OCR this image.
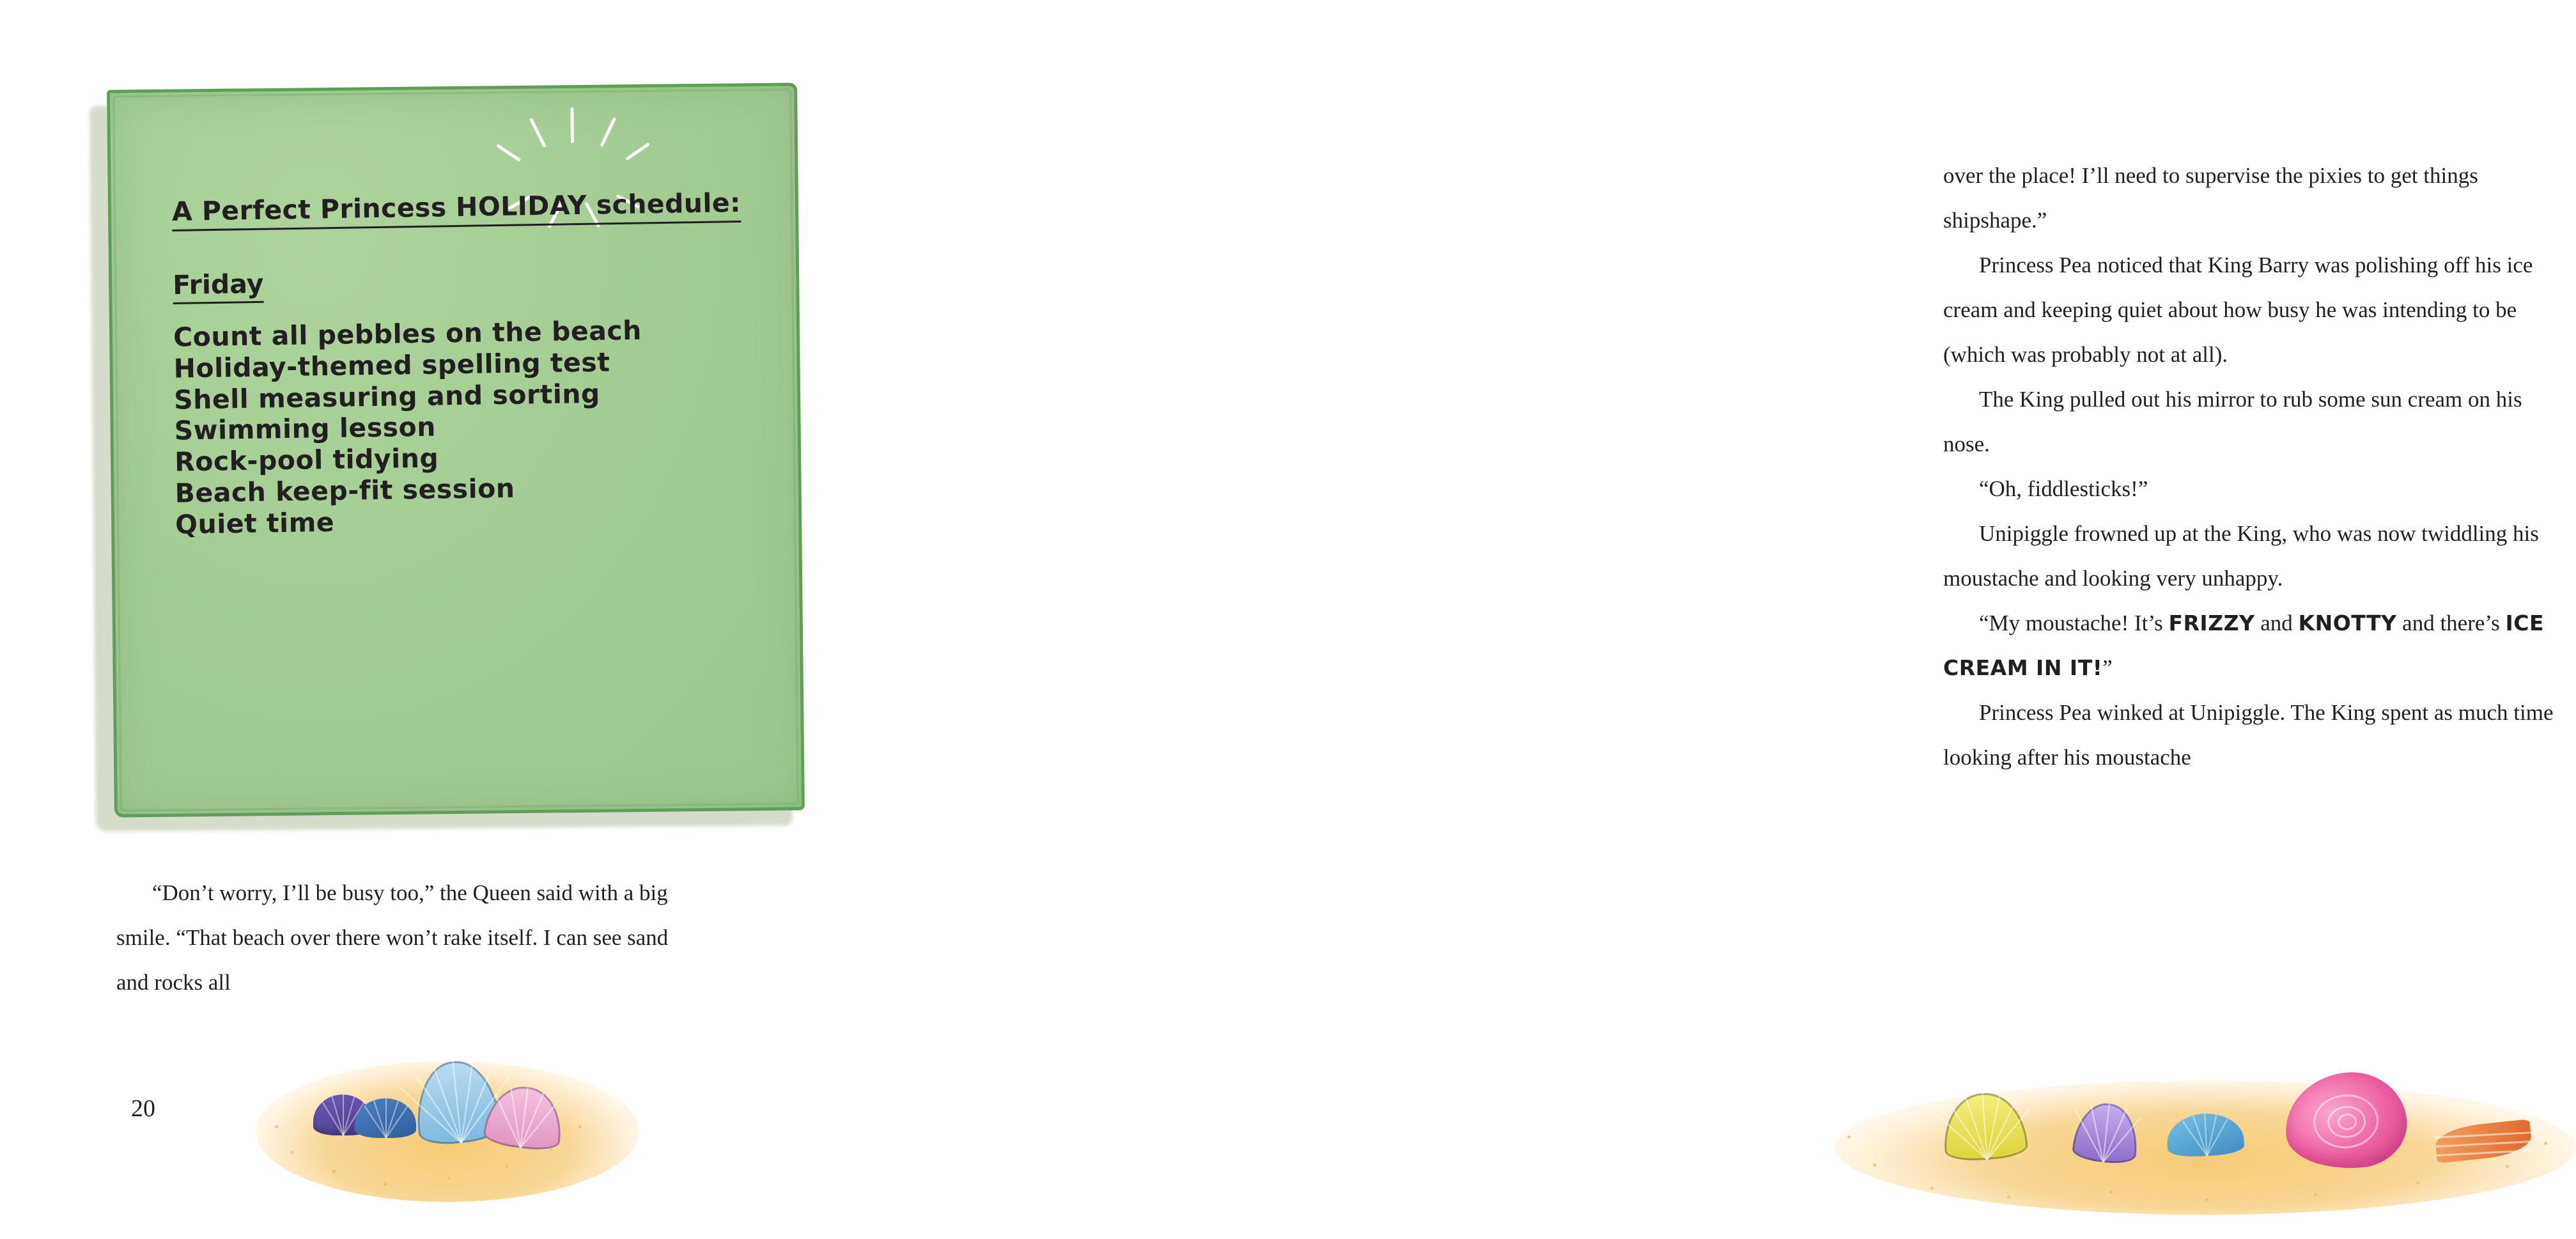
A Perfect Princess HOLIDAY schedule:
Friday
Count all pebbles on the beach
Holiday-themed spelling test
Shell measuring and sorting
Swimming lesson
Rock-pool tidying
Beach keep-fit session
Quiet time

“Don’t worry, I’ll be busy too,” the Queen said with a big smile. “That beach over there won’t rake itself. I can see sand and rocks all

20

over the place! I’ll need to supervise the pixies to get things shipshape.”

Princess Pea noticed that King Barry was polishing off his ice cream and keeping quiet about how busy he was intending to be (which was probably not at all).

The King pulled out his mirror to rub some sun cream on his nose.

“Oh, fiddlesticks!”

Unipiggle frowned up at the King, who was now twiddling his moustache and looking very unhappy.

“My moustache! It’s FRIZZY and KNOTTY and there’s ICE CREAM IN IT!”

Princess Pea winked at Unipiggle. The King spent as much time looking after his moustache
